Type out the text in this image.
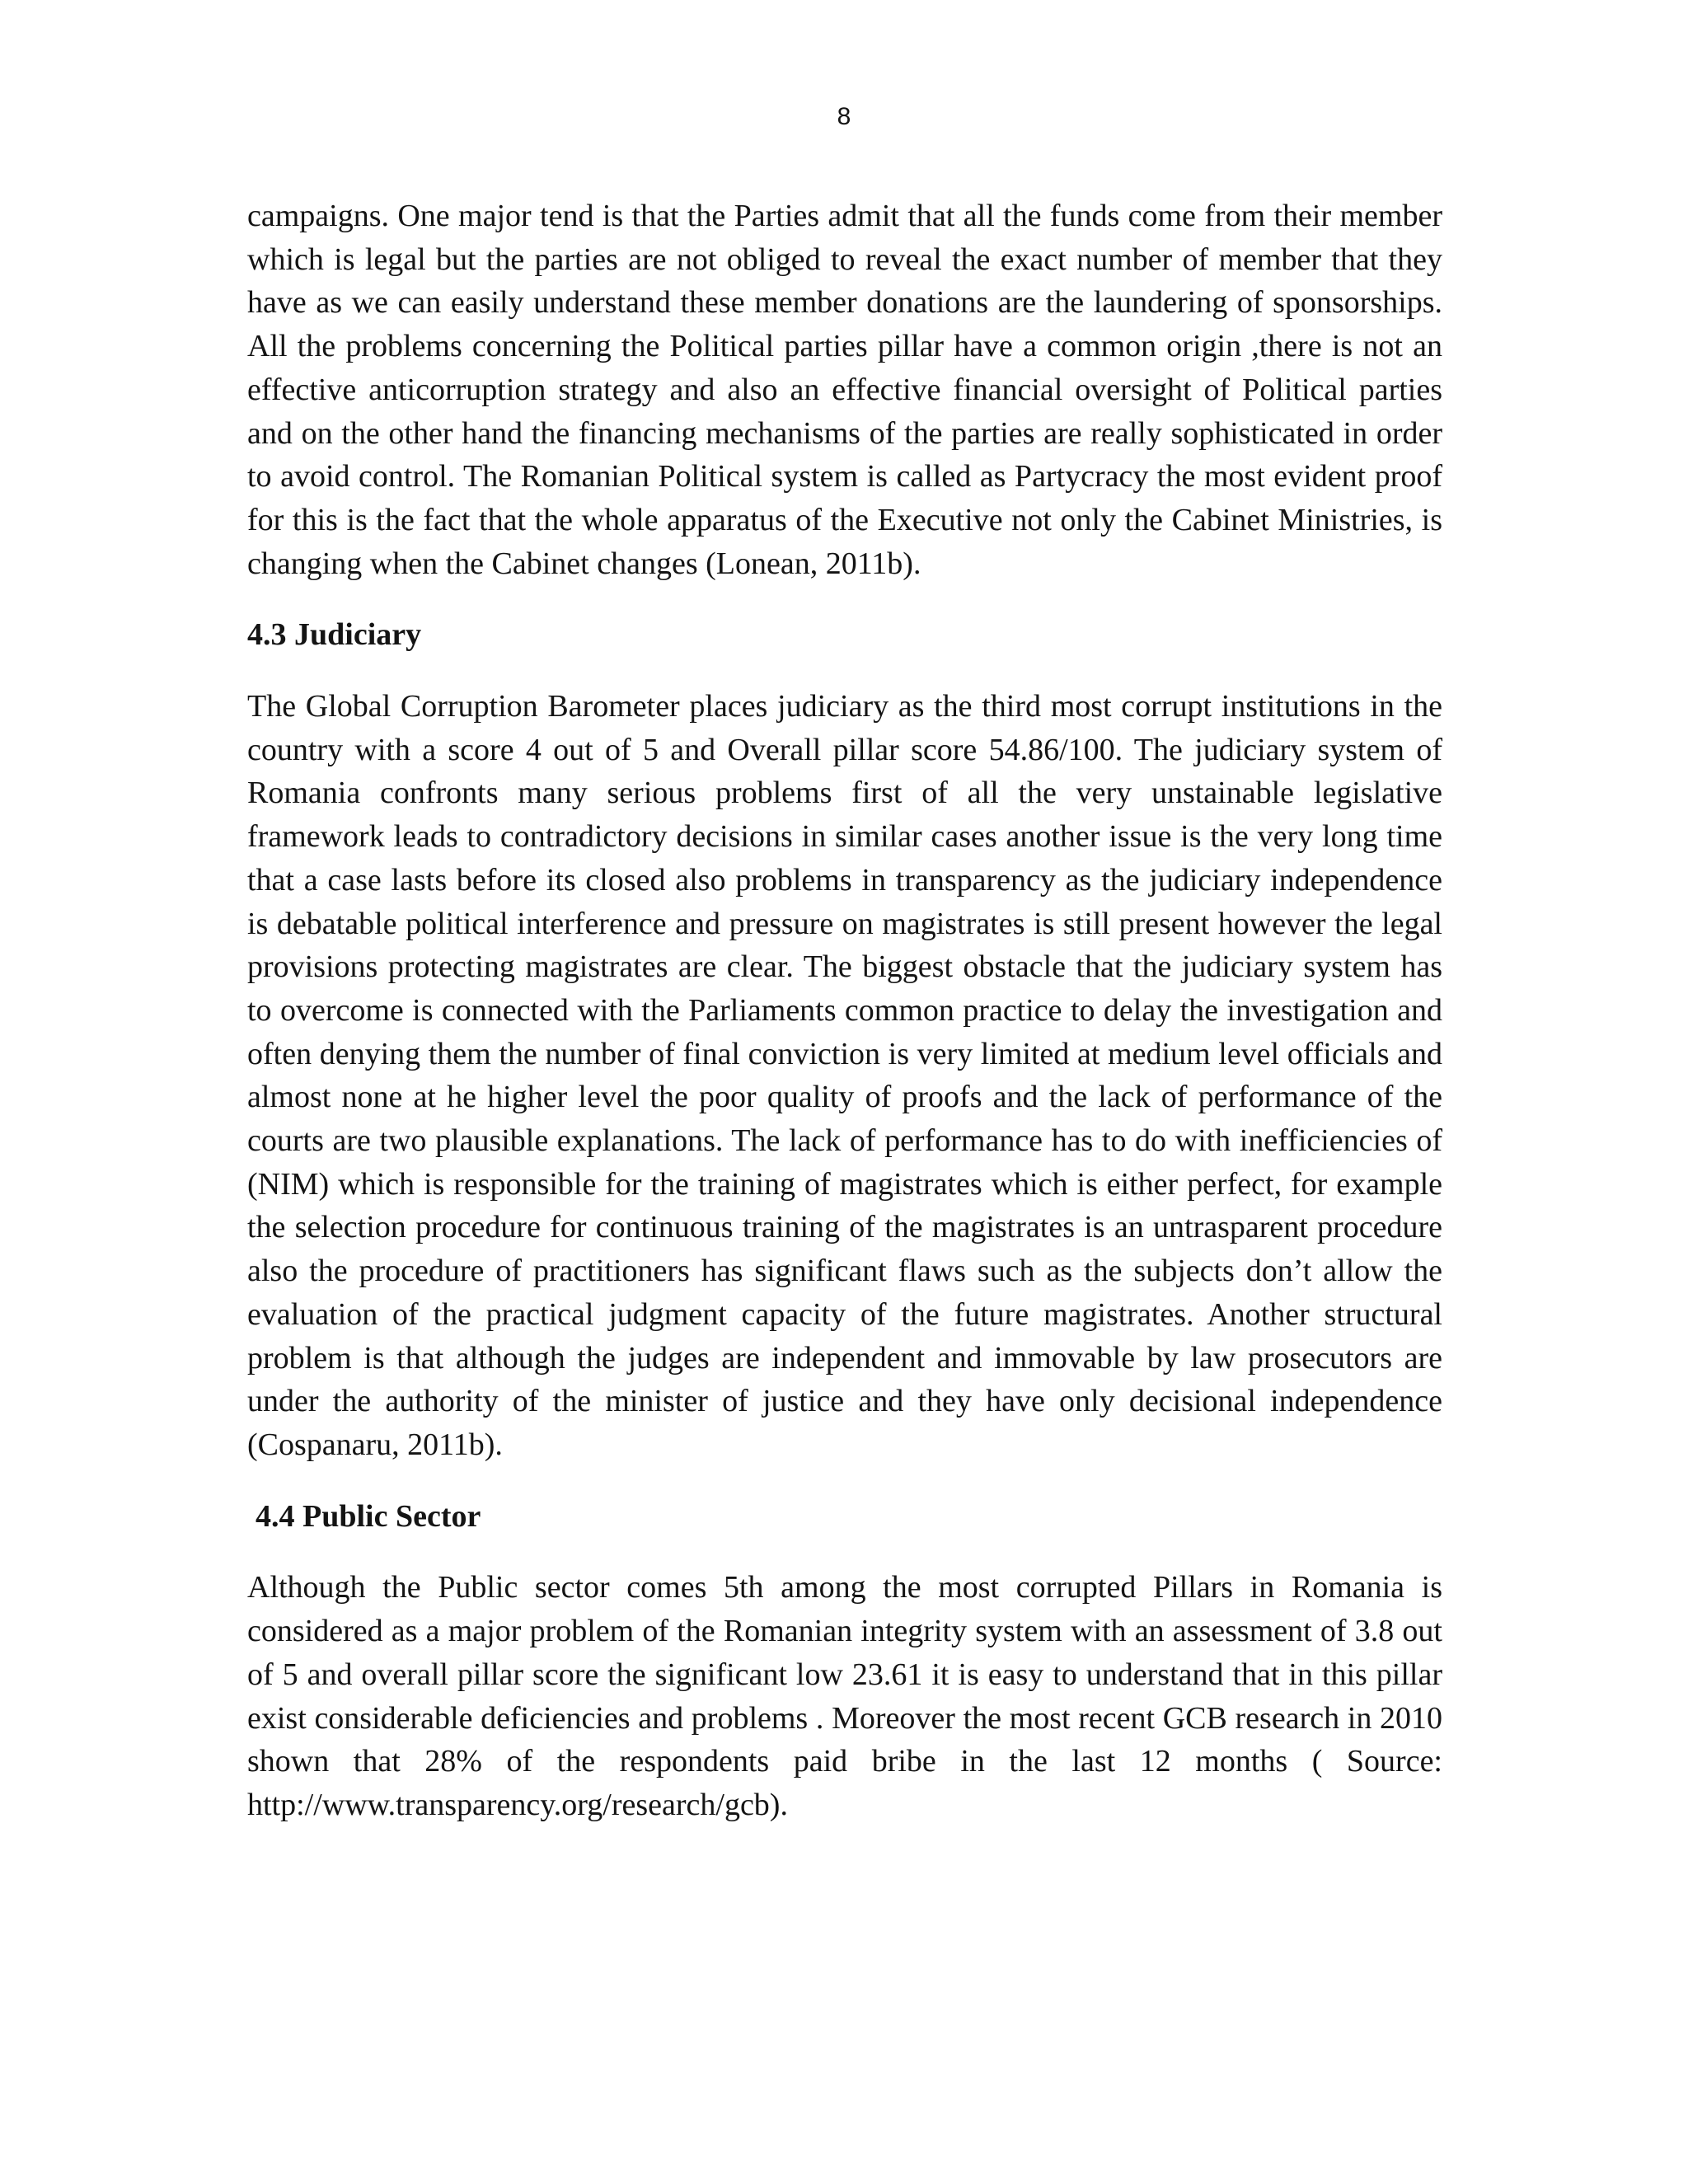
8

campaigns. One major tend is that the Parties admit that all the funds come from their member which is legal but the parties are not obliged to reveal the exact number of member that they have as we can easily understand these member donations are the laundering of sponsorships. All the problems concerning the Political parties pillar have a common origin ,there is not an effective anticorruption strategy and also an effective financial oversight of Political parties and on the other hand the financing mechanisms of the parties are really sophisticated in order to avoid control. The Romanian Political system is called as Partycracy the most evident proof for this is the fact that the whole apparatus of the Executive not only the Cabinet Ministries, is changing when the Cabinet changes (Lonean, 2011b).

4.3 Judiciary

The Global Corruption Barometer places judiciary as the third most corrupt institutions in the country with a score 4 out of 5 and Overall pillar score 54.86/100. The judiciary system of Romania confronts many serious problems first of all the very unstainable legislative framework leads to contradictory decisions in similar cases another issue is the very long time that a case lasts before its closed also problems in transparency as the judiciary independence is debatable political interference and pressure on magistrates is still present however the legal provisions protecting magistrates are clear. The biggest obstacle that the judiciary system has to overcome is connected with the Parliaments common practice to delay the investigation and often denying them the number of final conviction is very limited at medium level officials and almost none at he higher level the poor quality of proofs and the lack of performance of the courts are two plausible explanations. The lack of performance has to do with inefficiencies of (NIM) which is responsible for the training of magistrates which is either perfect, for example the selection procedure for continuous training of the magistrates is an untrasparent procedure also the procedure of practitioners has significant flaws such as the subjects don’t allow the evaluation of the practical judgment capacity of the future magistrates. Another structural problem is that although the judges are independent and immovable by law prosecutors are under the authority of the minister of justice and they have only decisional independence (Cospanaru, 2011b).

4.4 Public Sector

Although the Public sector comes 5th among the most corrupted Pillars in Romania is considered as a major problem of the Romanian integrity system with an assessment of 3.8 out of 5 and overall pillar score the significant low 23.61 it is easy to understand that in this pillar exist considerable deficiencies and problems . Moreover the most recent GCB research in 2010 shown that 28% of the respondents paid bribe in the last 12 months ( Source: http://www.transparency.org/research/gcb).
